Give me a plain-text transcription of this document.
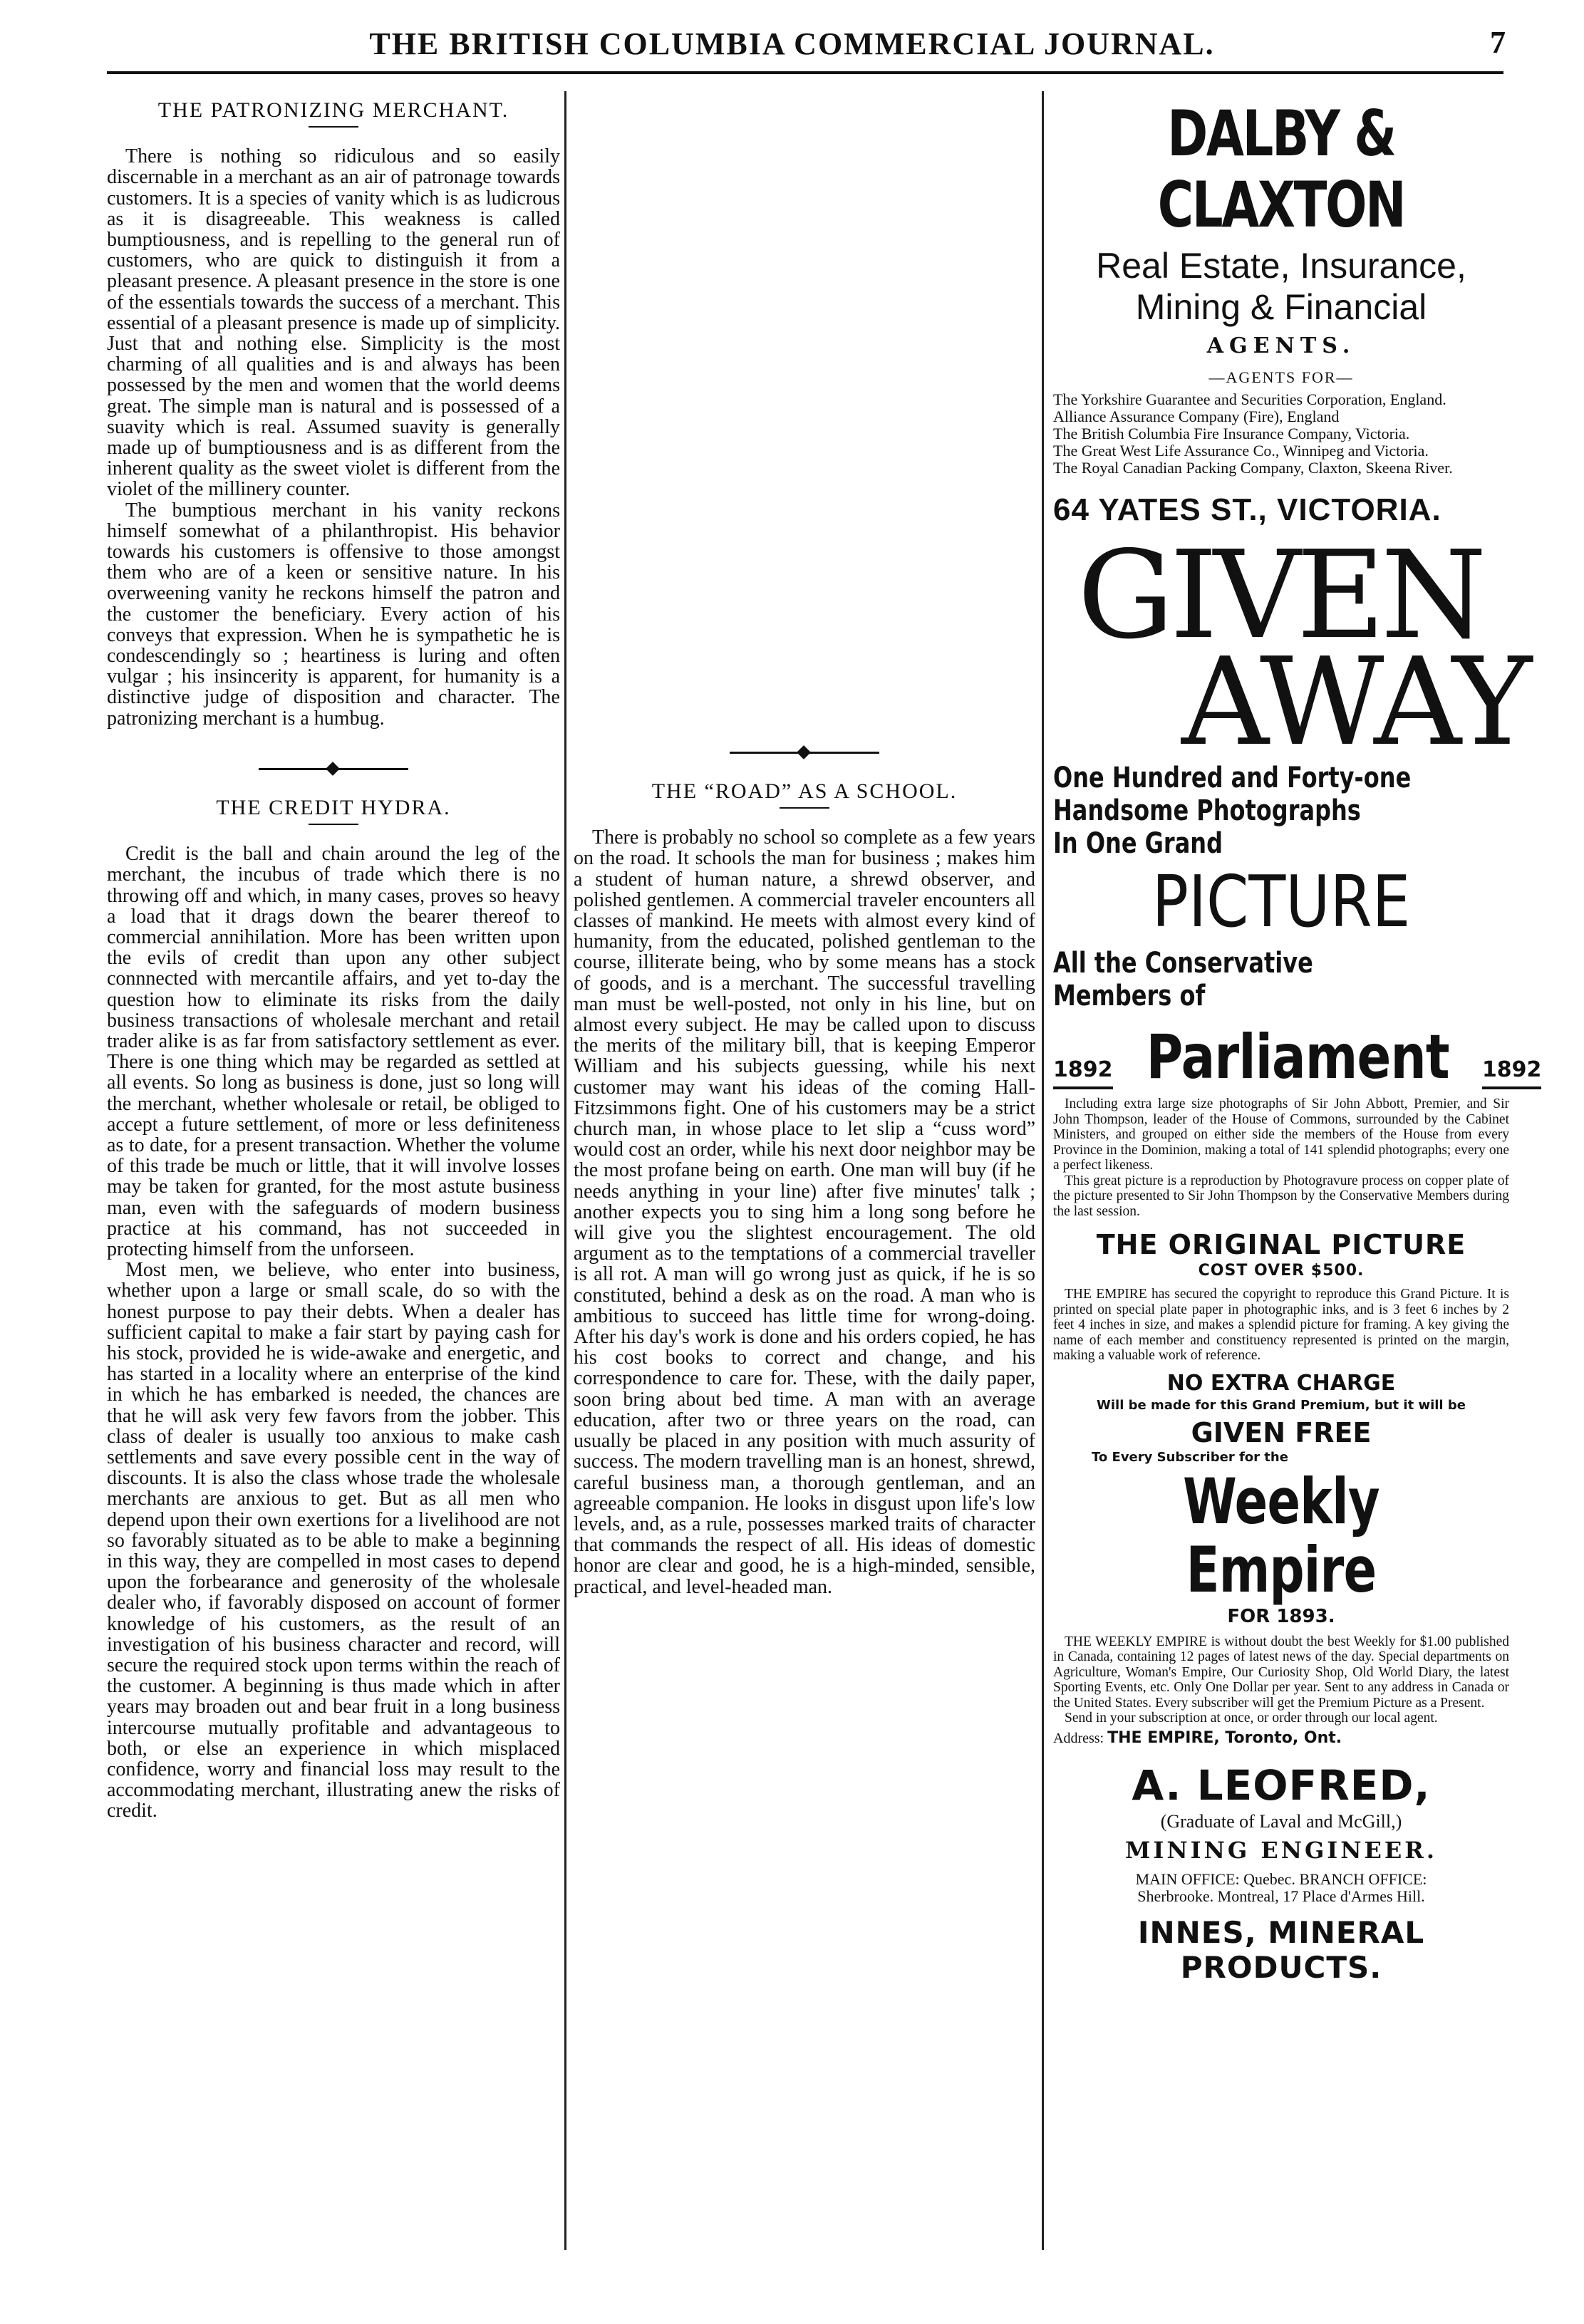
THE BRITISH COLUMBIA COMMERCIAL JOURNAL.	7
THE PATRONIZING MERCHANT.

There is nothing so ridiculous and so easily discernable in a merchant as an air of patronage towards customers. It is a species of vanity which is as ludicrous as it is disagreeable. This weakness is called bumptiousness, and is repelling to the general run of customers, who are quick to distinguish it from a pleasant presence. A pleasant presence in the store is one of the essentials towards the success of a merchant. This essential of a pleasant presence is made up of simplicity. Just that and nothing else. Simplicity is the most charming of all qualities and is and always has been possessed by the men and women that the world deems great. The simple man is natural and is possessed of a suavity which is real. Assumed suavity is generally made up of bumptiousness and is as different from the inherent quality as the sweet violet is different from the violet of the millinery counter.

The bumptious merchant in his vanity reckons himself somewhat of a philanthropist. His behavior towards his customers is offensive to those amongst them who are of a keen or sensitive nature. In his overweening vanity he reckons himself the patron and the customer the beneficiary. Every action of his conveys that expression. When he is sympathetic he is condescendingly so ; heartiness is luring and often vulgar ; his insincerity is apparent, for humanity is a distinctive judge of disposition and character. The patronizing merchant is a humbug.

THE CREDIT HYDRA.

Credit is the ball and chain around the leg of the merchant, the incubus of trade which there is no throwing off and which, in many cases, proves so heavy a load that it drags down the bearer thereof to commercial annihilation. More has been written upon the evils of credit than upon any other subject connnected with mercantile affairs, and yet to-day the question how to eliminate its risks from the daily business transactions of wholesale merchant and retail trader alike is as far from satisfactory settlement as ever. There is one thing which may be regarded as settled at all events. So long as business is done, just so long will the merchant, whether wholesale or retail, be obliged to accept a future settlement, of more or less definiteness as to date, for a present transaction. Whether the volume of this trade be much or little, that it will involve losses may be taken for granted, for the most astute business man, even with the safeguards of modern business practice at his command, has not succeeded in protecting himself from the unforseen.

Most men, we believe, who enter into business, whether upon a large or small scale, do so with the honest purpose to pay their debts. When a dealer has sufficient capital to make a fair start by paying cash for his stock, provided he is wide-awake and energetic, and has started in a locality where an enterprise of the kind in which he has embarked is needed, the chances are that he will ask very few favors from the jobber. This class of dealer is usually too anxious to make cash settlements and save every possible cent in the way of discounts. It is also the class whose trade the wholesale merchants are anxious to get. But as all men who depend upon their own exertions for a livelihood are not so favorably situated as to be able to make a beginning in this way, they are compelled in most cases to depend upon the forbearance and generosity of the wholesale dealer who, if favorably disposed on account of former knowledge of his customers, as the result of an investigation of his business character and record, will secure the required stock upon terms within the reach of the customer. A beginning is thus made which in after years may broaden out and bear fruit in a long business intercourse mutually profitable and advantageous to both, or else an experience in which misplaced confidence, worry and financial loss may result to the accommodating merchant, illustrating anew the risks of credit.

THE “ROAD” AS A SCHOOL.

There is probably no school so complete as a few years on the road. It schools the man for business ; makes him a student of human nature, a shrewd observer, and polished gentlemen. A commercial traveler encounters all classes of mankind. He meets with almost every kind of humanity, from the educated, polished gentleman to the course, illiterate being, who by some means has a stock of goods, and is a merchant. The successful travelling man must be well-posted, not only in his line, but on almost every subject. He may be called upon to discuss the merits of the military bill, that is keeping Emperor William and his subjects guessing, while his next customer may want his ideas of the coming Hall-Fitzsimmons fight. One of his customers may be a strict church man, in whose place to let slip a “cuss word” would cost an order, while his next door neighbor may be the most profane being on earth. One man will buy (if he needs anything in your line) after five minutes' talk ; another expects you to sing him a long song before he will give you the slightest encouragement. The old argument as to the temptations of a commercial traveller is all rot. A man will go wrong just as quick, if he is so constituted, behind a desk as on the road. A man who is ambitious to succeed has little time for wrong-doing. After his day's work is done and his orders copied, he has his cost books to correct and change, and his correspondence to care for. These, with the daily paper, soon bring about bed time. A man with an average education, after two or three years on the road, can usually be placed in any position with much assurity of success. The modern travelling man is an honest, shrewd, careful business man, a thorough gentleman, and an agreeable companion. He looks in disgust upon life's low levels, and, as a rule, possesses marked traits of character that commands the respect of all. His ideas of domestic honor are clear and good, he is a high-minded, sensible, practical, and level-headed man.

DALBY & CLAXTON
Real Estate, Insurance,
Mining & Financial
AGENTS.
—AGENTS FOR—
The Yorkshire Guarantee and Securities Corporation, England.
Alliance Assurance Company (Fire), England
The British Columbia Fire Insurance Company, Victoria.
The Great West Life Assurance Co., Winnipeg and Victoria.
The Royal Canadian Packing Company, Claxton, Skeena River.
64 YATES ST., VICTORIA.
GIVEN
AWAY
One Hundred and Forty-one
Handsome Photographs
In One Grand
PICTURE
All the Conservative
Members of
1892 Parliament 1892

Including extra large size photographs of Sir John Abbott, Premier, and Sir John Thompson, leader of the House of Commons, surrounded by the Cabinet Ministers, and grouped on either side the members of the House from every Province in the Dominion, making a total of 141 splendid photographs; every one a perfect likeness.

This great picture is a reproduction by Photogravure process on copper plate of the picture presented to Sir John Thompson by the Conservative Members during the last session.

THE ORIGINAL PICTURE
COST OVER $500.

THE EMPIRE has secured the copyright to reproduce this Grand Picture. It is printed on special plate paper in photographic inks, and is 3 feet 6 inches by 2 feet 4 inches in size, and makes a splendid picture for framing. A key giving the name of each member and constituency represented is printed on the margin, making a valuable work of reference.

NO EXTRA CHARGE
Will be made for this Grand Premium, but it will be
GIVEN FREE
To Every Subscriber for the
Weekly Empire
FOR 1893.

THE WEEKLY EMPIRE is without doubt the best Weekly for $1.00 published in Canada, containing 12 pages of latest news of the day. Special departments on Agriculture, Woman's Empire, Our Curiosity Shop, Old World Diary, the latest Sporting Events, etc. Only One Dollar per year. Sent to any address in Canada or the United States. Every subscriber will get the Premium Picture as a Present.

Send in your subscription at once, or order through our local agent.

Address: THE EMPIRE, Toronto, Ont.
A. LEOFRED,
(Graduate of Laval and McGill,)
MINING ENGINEER.
MAIN OFFICE: Quebec. BRANCH OFFICE:
Sherbrooke. Montreal, 17 Place d'Armes Hill.
INNES, MINERAL PRODUCTS.
